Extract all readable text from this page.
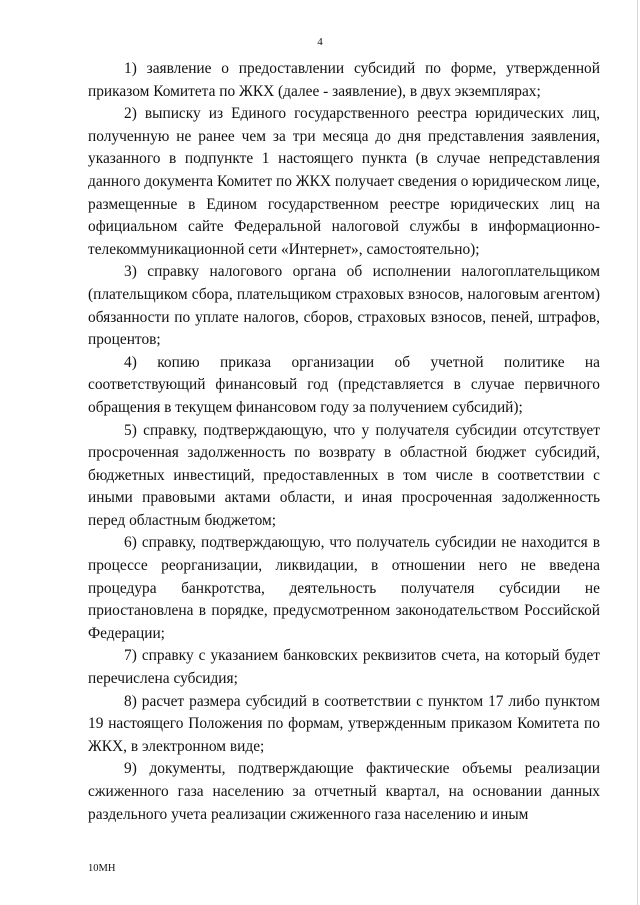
4

1) заявление о предоставлении субсидий по форме, утвержденной приказом Комитета по ЖКХ (далее - заявление), в двух экземплярах;

2) выписку из Единого государственного реестра юридических лиц, полученную не ранее чем за три месяца до дня представления заявления, указанного в подпункте 1 настоящего пункта (в случае непредставления данного документа Комитет по ЖКХ получает сведения о юридическом лице, размещенные в Едином государственном реестре юридических лиц на официальном сайте Федеральной налоговой службы в информационно-телекоммуникационной сети «Интернет», самостоятельно);

3) справку налогового органа об исполнении налогоплательщиком (плательщиком сбора, плательщиком страховых взносов, налоговым агентом) обязанности по уплате налогов, сборов, страховых взносов, пеней, штрафов, процентов;

4) копию приказа организации об учетной политике на соответствующий финансовый год (представляется в случае первичного обращения в текущем финансовом году за получением субсидий);

5) справку, подтверждающую, что у получателя субсидии отсутствует просроченная задолженность по возврату в областной бюджет субсидий, бюджетных инвестиций, предоставленных в том числе в соответствии с иными правовыми актами области, и иная просроченная задолженность перед областным бюджетом;

6) справку, подтверждающую, что получатель субсидии не находится в процессе реорганизации, ликвидации, в отношении него не введена процедура банкротства, деятельность получателя субсидии не приостановлена в порядке, предусмотренном законодательством Российской Федерации;

7) справку с указанием банковских реквизитов счета, на который будет перечислена субсидия;

8) расчет размера субсидий в соответствии с пунктом 17 либо пунктом 19 настоящего Положения по формам, утвержденным приказом Комитета по ЖКХ, в электронном виде;

9) документы, подтверждающие фактические объемы реализации сжиженного газа населению за отчетный квартал, на основании данных раздельного учета реализации сжиженного газа населению и иным

10МН
